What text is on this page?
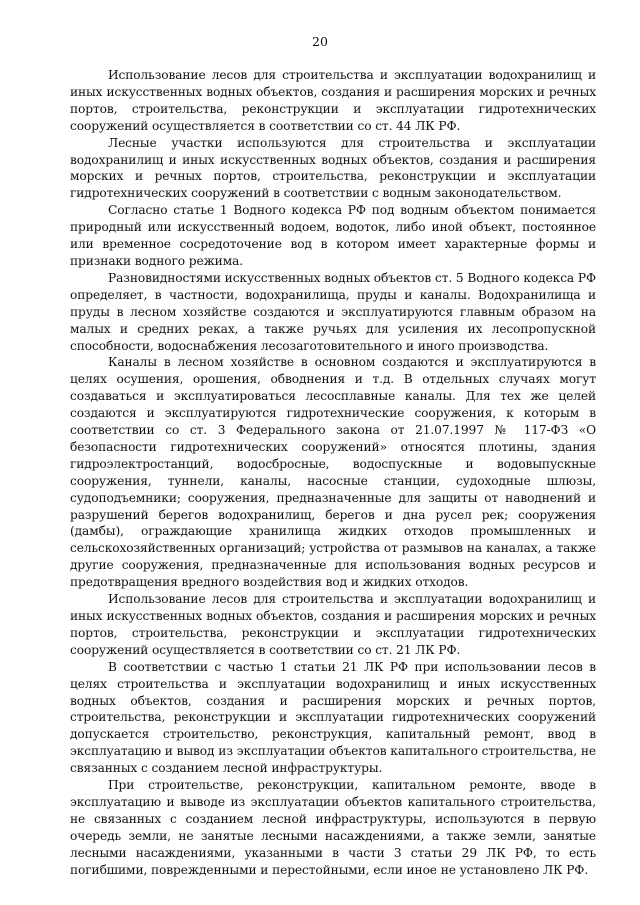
20

Использование лесов для строительства и эксплуатации водохранилищ и иных искусственных водных объектов, создания и расширения морских и речных портов, строительства, реконструкции и эксплуатации гидротехнических сооружений осуществляется в соответствии со ст. 44 ЛК РФ.

Лесные участки используются для строительства и эксплуатации водохранилищ и иных искусственных водных объектов, создания и расширения морских и речных портов, строительства, реконструкции и эксплуатации гидротехнических сооружений в соответствии с водным законодательством.

Согласно статье 1 Водного кодекса РФ под водным объектом понимается природный или искусственный водоем, водоток, либо иной объект, постоянное или временное сосредоточение вод в котором имеет характерные формы и признаки водного режима.

Разновидностями искусственных водных объектов ст. 5 Водного кодекса РФ определяет, в частности, водохранилища, пруды и каналы. Водохранилища и пруды в лесном хозяйстве создаются и эксплуатируются главным образом на малых и средних реках, а также ручьях для усиления их лесопропускной способности, водоснабжения лесозаготовительного и иного производства.

Каналы в лесном хозяйстве в основном создаются и эксплуатируются в целях осушения, орошения, обводнения и т.д. В отдельных случаях могут создаваться и эксплуатироваться лесосплавные каналы. Для тех же целей создаются и эксплуатируются гидротехнические сооружения, к которым в соответствии со ст. 3 Федерального закона от 21.07.1997 № 117-ФЗ «О безопасности гидротехнических сооружений» относятся плотины, здания гидроэлектростанций, водосбросные, водоспускные и водовыпускные сооружения, туннели, каналы, насосные станции, судоходные шлюзы, судоподъемники; сооружения, предназначенные для защиты от наводнений и разрушений берегов водохранилищ, берегов и дна русел рек; сооружения (дамбы), ограждающие хранилища жидких отходов промышленных и сельскохозяйственных организаций; устройства от размывов на каналах, а также другие сооружения, предназначенные для использования водных ресурсов и предотвращения вредного воздействия вод и жидких отходов.

Использование лесов для строительства и эксплуатации водохранилищ и иных искусственных водных объектов, создания и расширения морских и речных портов, строительства, реконструкции и эксплуатации гидротехнических сооружений осуществляется в соответствии со ст. 21 ЛК РФ.

В соответствии с частью 1 статьи 21 ЛК РФ при использовании лесов в целях строительства и эксплуатации водохранилищ и иных искусственных водных объектов, создания и расширения морских и речных портов, строительства, реконструкции и эксплуатации гидротехнических сооружений допускается строительство, реконструкция, капитальный ремонт, ввод в эксплуатацию и вывод из эксплуатации объектов капитального строительства, не связанных с созданием лесной инфраструктуры.

При строительстве, реконструкции, капитальном ремонте, вводе в эксплуатацию и выводе из эксплуатации объектов капитального строительства, не связанных с созданием лесной инфраструктуры, используются в первую очередь земли, не занятые лесными насаждениями, а также земли, занятые лесными насаждениями, указанными в части 3 статьи 29 ЛК РФ, то есть погибшими, поврежденными и перестойными, если иное не установлено ЛК РФ.
